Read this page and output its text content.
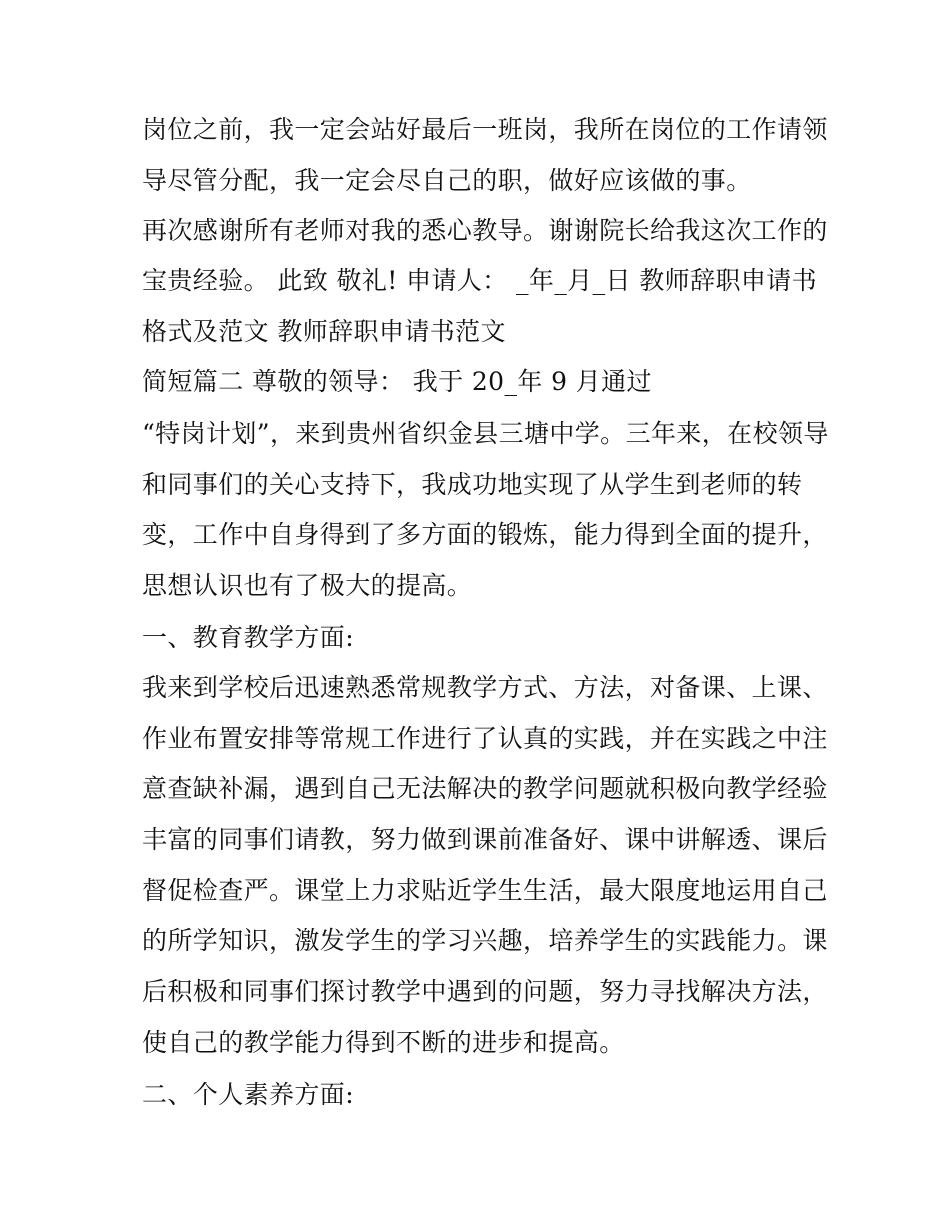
岗位之前，我一定会站好最后一班岗，我所在岗位的工作请领

导尽管分配，我一定会尽自己的职，做好应该做的事。

再次感谢所有老师对我的悉心教导。谢谢院长给我这次工作的

宝贵经验。 此致 敬礼! 申请人： _年_月_日 教师辞职申请书

格式及范文 教师辞职申请书范文

简短篇二 尊敬的领导： 我于 20_年 9 月通过

“特岗计划”，来到贵州省织金县三塘中学。三年来，在校领导

和同事们的关心支持下，我成功地实现了从学生到老师的转

变，工作中自身得到了多方面的锻炼，能力得到全面的提升，

思想认识也有了极大的提高。

一、教育教学方面:

我来到学校后迅速熟悉常规教学方式、方法，对备课、上课、

作业布置安排等常规工作进行了认真的实践，并在实践之中注

意查缺补漏，遇到自己无法解决的教学问题就积极向教学经验

丰富的同事们请教，努力做到课前准备好、课中讲解透、课后

督促检查严。课堂上力求贴近学生生活，最大限度地运用自己

的所学知识，激发学生的学习兴趣，培养学生的实践能力。课

后积极和同事们探讨教学中遇到的问题，努力寻找解决方法，

使自己的教学能力得到不断的进步和提高。

二、个人素养方面:
